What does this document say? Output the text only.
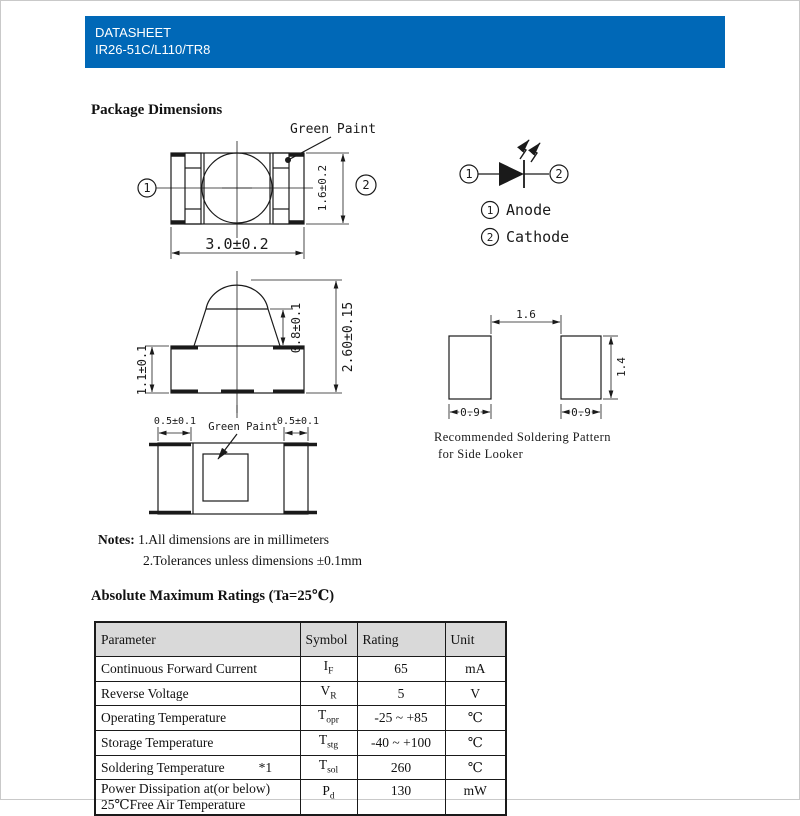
DATASHEET
IR26-51C/L110/TR8
Package Dimensions
1	2
Green Paint
1.6±0.2
3.0±0.2
1	2
1 Anode
2 Cathode
1.1±0.1
0.8±0.1	2.60±0.15
Green Paint
0.5±0.1	0.5±0.1
1.6
1.4
0.9	0.9
Recommended Soldering Pattern
for Side Looker
Notes: 1.All dimensions are in millimeters
2.Tolerances unless dimensions ±0.1mm
Absolute Maximum Ratings (Ta=25℃)
Parameter	Symbol	Rating	Unit
Continuous Forward Current	$I_F$	65	mA
Reverse Voltage	$V_R$	5	V
Operating Temperature	$T_{opr}$	-25 ~ +85	℃
Storage Temperature	$T_{stg}$	-40 ~ +100	℃
Soldering Temperature *1	$T_{sol}$	260	℃

Power Dissipation at(or below)
25℃Free Air Temperature	$P_d$	130	mW
